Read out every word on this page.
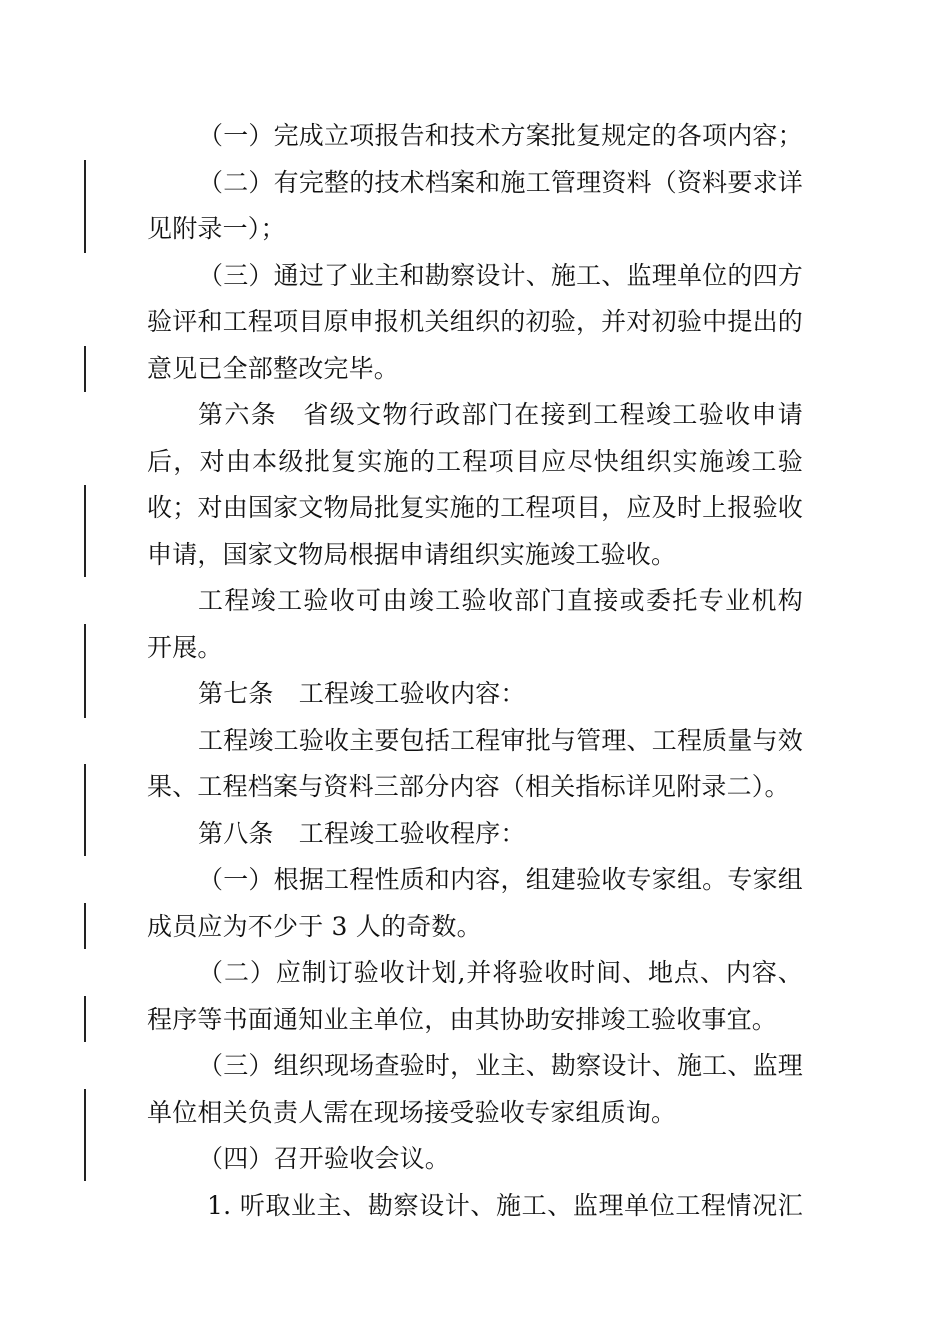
（一）完成立项报告和技术方案批复规定的各项内容；
（二）有完整的技术档案和施工管理资料（资料要求详
见附录一）；
（三）通过了业主和勘察设计、施工、监理单位的四方
验评和工程项目原申报机关组织的初验，并对初验中提出的
意见已全部整改完毕。
第六条　省级文物行政部门在接到工程竣工验收申请
后，对由本级批复实施的工程项目应尽快组织实施竣工验
收；对由国家文物局批复实施的工程项目，应及时上报验收
申请，国家文物局根据申请组织实施竣工验收。
工程竣工验收可由竣工验收部门直接或委托专业机构
开展。
第七条　工程竣工验收内容：
工程竣工验收主要包括工程审批与管理、工程质量与效
果、工程档案与资料三部分内容（相关指标详见附录二）。
第八条　工程竣工验收程序：
（一）根据工程性质和内容，组建验收专家组。专家组
成员应为不少于 3 人的奇数。
（二）应制订验收计划,并将验收时间、地点、内容、
程序等书面通知业主单位，由其协助安排竣工验收事宜。
（三）组织现场查验时，业主、勘察设计、施工、监理
单位相关负责人需在现场接受验收专家组质询。
（四）召开验收会议。
1. 听取业主、勘察设计、施工、监理单位工程情况汇
